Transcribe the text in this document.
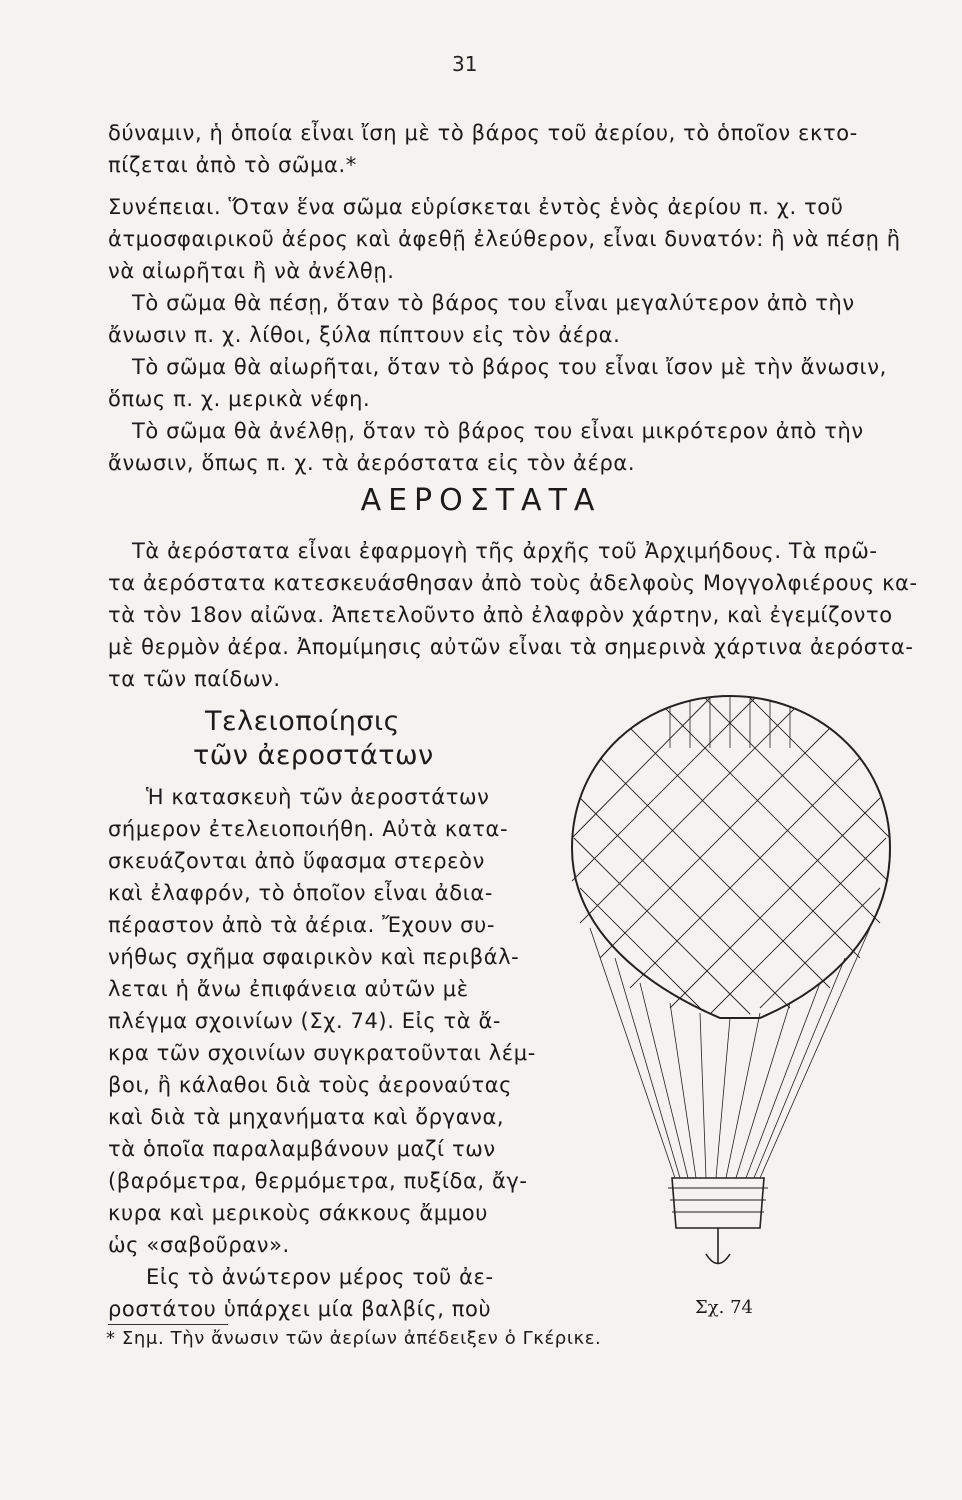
31
δύναμιν, ἡ ὁποία εἶναι ἴση μὲ τὸ βάρος τοῦ ἀερίου, τὸ ὁποῖον εκτο-
πίζεται ἀπὸ τὸ σῶμα.*
Συνέπειαι. Ὅταν ἕνα σῶμα εὑρίσκεται ἐντὸς ἑνὸς ἀερίου π. χ. τοῦ
ἀτμοσφαιρικοῦ ἀέρος καὶ ἀφεθῇ ἐλεύθερον, εἶναι δυνατόν: ἢ νὰ πέσῃ ἢ
νὰ αἰωρῆται ἢ νὰ ἀνέλθῃ.
Τὸ σῶμα θὰ πέσῃ, ὅταν τὸ βάρος του εἶναι μεγαλύτερον ἀπὸ τὴν
ἄνωσιν π. χ. λίθοι, ξύλα πίπτουν εἰς τὸν ἀέρα.
Τὸ σῶμα θὰ αἰωρῆται, ὅταν τὸ βάρος του εἶναι ἴσον μὲ τὴν ἄνωσιν,
ὅπως π. χ. μερικὰ νέφη.
Τὸ σῶμα θὰ ἀνέλθῃ, ὅταν τὸ βάρος του εἶναι μικρότερον ἀπὸ τὴν
ἄνωσιν, ὅπως π. χ. τὰ ἀερόστατα εἰς τὸν ἀέρα.
ΑΕΡΟΣΤΑΤΑ
Τὰ ἀερόστατα εἶναι ἐφαρμογὴ τῆς ἀρχῆς τοῦ Ἀρχιμήδους. Τὰ πρῶ-
τα ἀερόστατα κατεσκευάσθησαν ἀπὸ τοὺς ἀδελφοὺς Μογγολφιέρους κα-
τὰ τὸν 18ον αἰῶνα. Ἀπετελοῦντο ἀπὸ ἐλαφρὸν χάρτην, καὶ ἐγεμίζοντο
μὲ θερμὸν ἀέρα. Ἀπομίμησις αὐτῶν εἶναι τὰ σημερινὰ χάρτινα ἀερόστα-
τα τῶν παίδων.
Τελειοποίησις
τῶν ἀεροστάτων
Ἡ κατασκευὴ τῶν ἀεροστάτων
σήμερον ἐτελειοποιήθη. Αὐτὰ κατα-
σκευάζονται ἀπὸ ὕφασμα στερεὸν
καὶ ἐλαφρόν, τὸ ὁποῖον εἶναι ἀδια-
πέραστον ἀπὸ τὰ ἀέρια. Ἔχουν συ-
νήθως σχῆμα σφαιρικὸν καὶ περιβάλ-
λεται ἡ ἄνω ἐπιφάνεια αὐτῶν μὲ
πλέγμα σχοινίων (Σχ. 74). Εἰς τὰ ἄ-
κρα τῶν σχοινίων συγκρατοῦνται λέμ-
βοι, ἢ κάλαθοι διὰ τοὺς ἀεροναύτας
καὶ διὰ τὰ μηχανήματα καὶ ὄργανα,
τὰ ὁποῖα παραλαμβάνουν μαζί των
(βαρόμετρα, θερμόμετρα, πυξίδα, ἄγ-
κυρα καὶ μερικοὺς σάκκους ἄμμου
ὡς «σαβοῦραν».
Εἰς τὸ ἀνώτερον μέρος τοῦ ἀε-
ροστάτου ὑπάρχει μία βαλβίς, ποὺ	Σχ. 74
* Σημ. Τὴν ἄνωσιν τῶν ἀερίων ἀπέδειξεν ὁ Γκέρικε.
